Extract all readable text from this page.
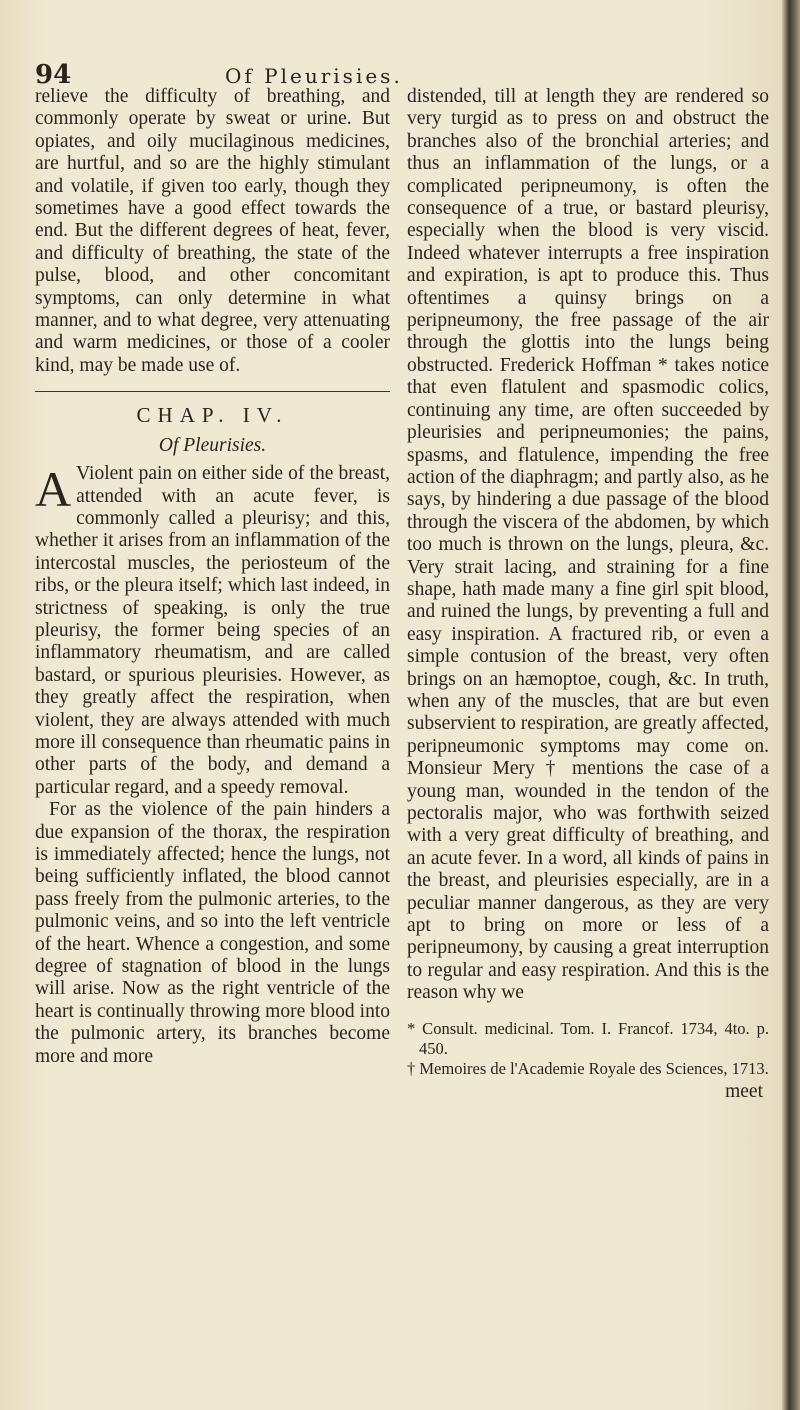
94	Of Pleurisies.

relieve the difficulty of breathing, and commonly operate by sweat or urine. But opiates, and oily mucilaginous medicines, are hurtful, and so are the highly stimulant and volatile, if given too early, though they sometimes have a good effect towards the end. But the different degrees of heat, fever, and difficulty of breathing, the state of the pulse, blood, and other concomitant symptoms, can only determine in what manner, and to what degree, very attenuating and warm medicines, or those of a cooler kind, may be made use of.

CHAP. IV.
Of Pleurisies.

A Violent pain on either side of the breast, attended with an acute fever, is commonly called a pleurisy; and this, whether it arises from an inflammation of the intercostal muscles, the periosteum of the ribs, or the pleura itself; which last indeed, in strictness of speaking, is only the true pleurisy, the former being species of an inflammatory rheumatism, and are called bastard, or spurious pleurisies. However, as they greatly affect the respiration, when violent, they are always attended with much more ill consequence than rheumatic pains in other parts of the body, and demand a particular regard, and a speedy removal.

For as the violence of the pain hinders a due expansion of the thorax, the respiration is immediately affected; hence the lungs, not being sufficiently inflated, the blood cannot pass freely from the pulmonic arteries, to the pulmonic veins, and so into the left ventricle of the heart. Whence a congestion, and some degree of stagnation of blood in the lungs will arise. Now as the right ventricle of the heart is continually throwing more blood into the pulmonic artery, its branches become more and more

distended, till at length they are rendered so very turgid as to press on and obstruct the branches also of the bronchial arteries; and thus an inflammation of the lungs, or a complicated peripneumony, is often the consequence of a true, or bastard pleurisy, especially when the blood is very viscid. Indeed whatever interrupts a free inspiration and expiration, is apt to produce this. Thus oftentimes a quinsy brings on a peripneumony, the free passage of the air through the glottis into the lungs being obstructed. Frederick Hoffman * takes notice that even flatulent and spasmodic colics, continuing any time, are often succeeded by pleurisies and peripneumonies; the pains, spasms, and flatulence, impending the free action of the diaphragm; and partly also, as he says, by hindering a due passage of the blood through the viscera of the abdomen, by which too much is thrown on the lungs, pleura, &c. Very strait lacing, and straining for a fine shape, hath made many a fine girl spit blood, and ruined the lungs, by preventing a full and easy inspiration. A fractured rib, or even a simple contusion of the breast, very often brings on an hæmoptoe, cough, &c. In truth, when any of the muscles, that are but even subservient to respiration, are greatly affected, peripneumonic symptoms may come on. Monsieur Mery † mentions the case of a young man, wounded in the tendon of the pectoralis major, who was forthwith seized with a very great difficulty of breathing, and an acute fever. In a word, all kinds of pains in the breast, and pleurisies especially, are in a peculiar manner dangerous, as they are very apt to bring on more or less of a peripneumony, by causing a great interruption to regular and easy respiration. And this is the reason why we

* Consult. medicinal. Tom. I. Francof. 1734, 4to. p. 450.

† Memoires de l'Academie Royale des Sciences, 1713.

meet
